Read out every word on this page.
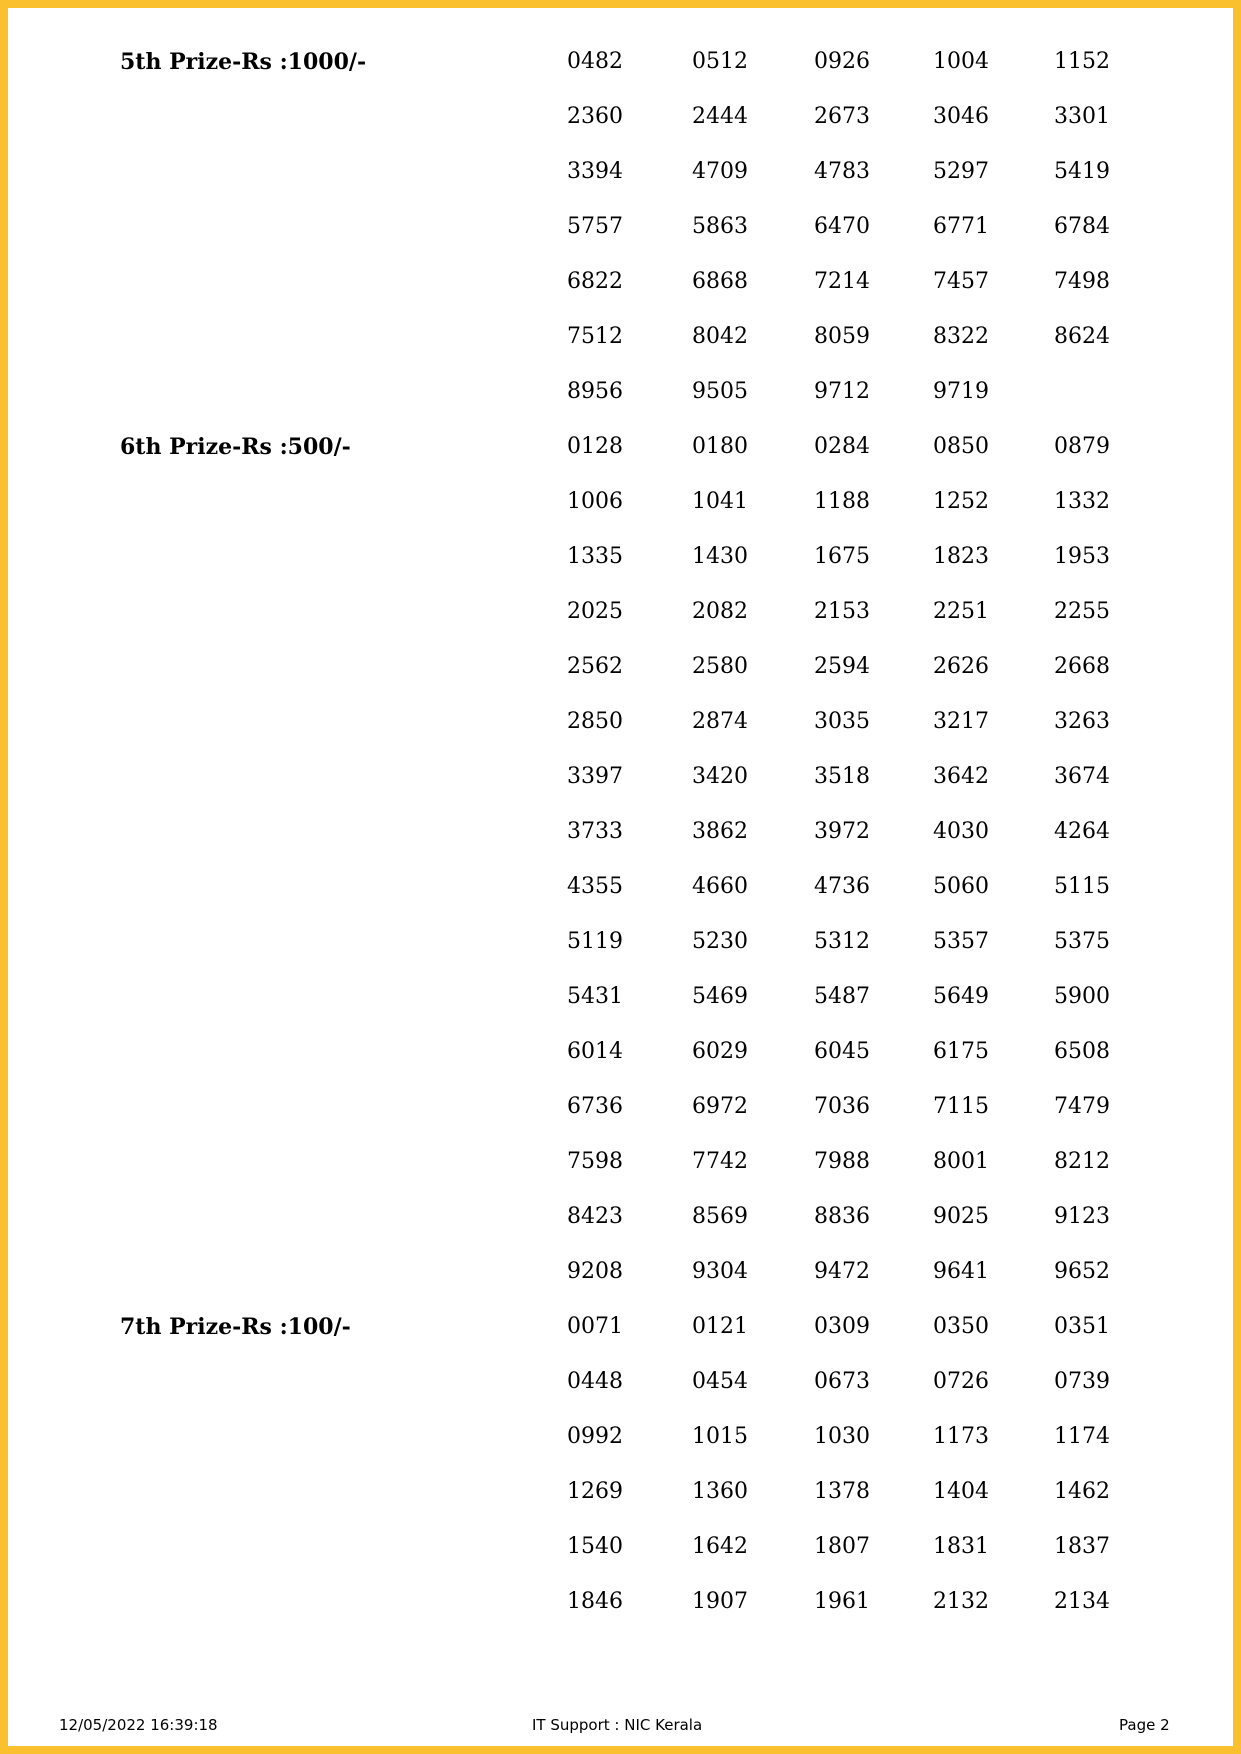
5th Prize-Rs :1000/-	0482	0512	0926	1004	1152
2360	2444	2673	3046	3301
3394	4709	4783	5297	5419
5757	5863	6470	6771	6784
6822	6868	7214	7457	7498
7512	8042	8059	8322	8624
8956	9505	9712	9719
6th Prize-Rs :500/-	0128	0180	0284	0850	0879
1006	1041	1188	1252	1332
1335	1430	1675	1823	1953
2025	2082	2153	2251	2255
2562	2580	2594	2626	2668
2850	2874	3035	3217	3263
3397	3420	3518	3642	3674
3733	3862	3972	4030	4264
4355	4660	4736	5060	5115
5119	5230	5312	5357	5375
5431	5469	5487	5649	5900
6014	6029	6045	6175	6508
6736	6972	7036	7115	7479
7598	7742	7988	8001	8212
8423	8569	8836	9025	9123
9208	9304	9472	9641	9652
7th Prize-Rs :100/-	0071	0121	0309	0350	0351
0448	0454	0673	0726	0739
0992	1015	1030	1173	1174
1269	1360	1378	1404	1462
1540	1642	1807	1831	1837
1846	1907	1961	2132	2134
12/05/2022 16:39:18	IT Support : NIC Kerala	Page 2
